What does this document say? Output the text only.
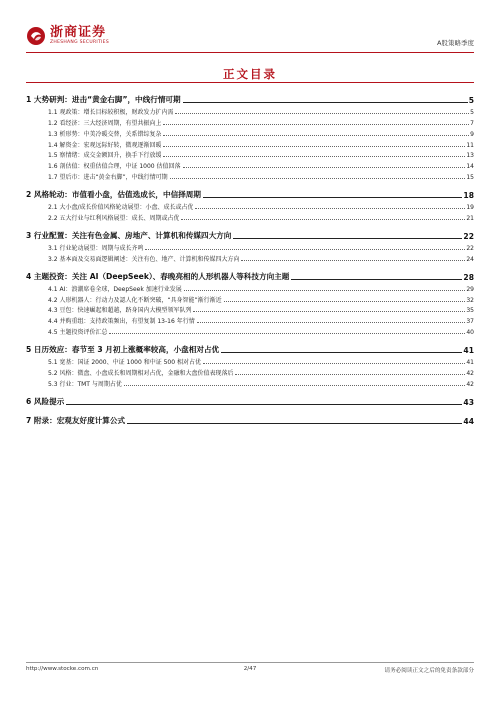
浙商证券
ZHESHANG SECURITIES	A股策略季度
正文目录
1 大势研判：进击“黄金右脚”，中线行情可期	5
1.1 观政策：增长目标较积极，财政发力扩内需	5
1.2 看经济：三大经济周期，有望共振向上	7
1.3 析形势：中美冷暖交替，关系错综复杂	9
1.4 解资金：宏观远际好转，微观逐渐回暖	11
1.5 察情绪：成交金额回升，换手下行放缓	13
1.6 剖估值：权重估值合理，中证 1000 估值回落	14
1.7 望后市：进击“黄金右脚”，中线行情可期	15
2 风格轮动：市值看小盘，估值选成长，中信择周期	18
2.1 大小盘/成长价值风格轮动展望：小盘、成长或占优	19
2.2 五大行业与红利风格展望：成长、周期或占优	21
3 行业配置：关注有色金属、房地产、计算机和传媒四大方向	22
3.1 行业轮动展望：周期与成长齐鸣	22
3.2 基本面及交易面逻辑阐述：关注有色、地产、计算机和传媒四大方向	24
4 主题投资：关注 AI（DeepSeek）、春晚亮相的人形机器人等科技方向主题	28
4.1 AI：浪潮席卷全球，DeepSeek 加速行业发展	29
4.2 人形机器人：行动力及認人化不断突破，“具身智能”渐行渐近	32
4.3 豆包：快速崛起和超越，跻身国内大模型领军队列	35
4.4 并购重组：支持政策频出，有望复制 13-16 年行情	37
4.5 主题投资评价汇总	40
5 日历效应：春节至 3 月初上涨概率较高，小盘相对占优	41
5.1 宽基：国证 2000、中证 1000 和中证 500 相对占优	41
5.2 风格：微盘、小盘成长和周期相对占优，金融和大盘价值表现落后	42
5.3 行业：TMT 与周期占优	42
6 风险提示	43
7 附录：宏观友好度计算公式	44
http://www.stocke.com.cn	2/47	请务必阅读正文之后的免责条款部分
